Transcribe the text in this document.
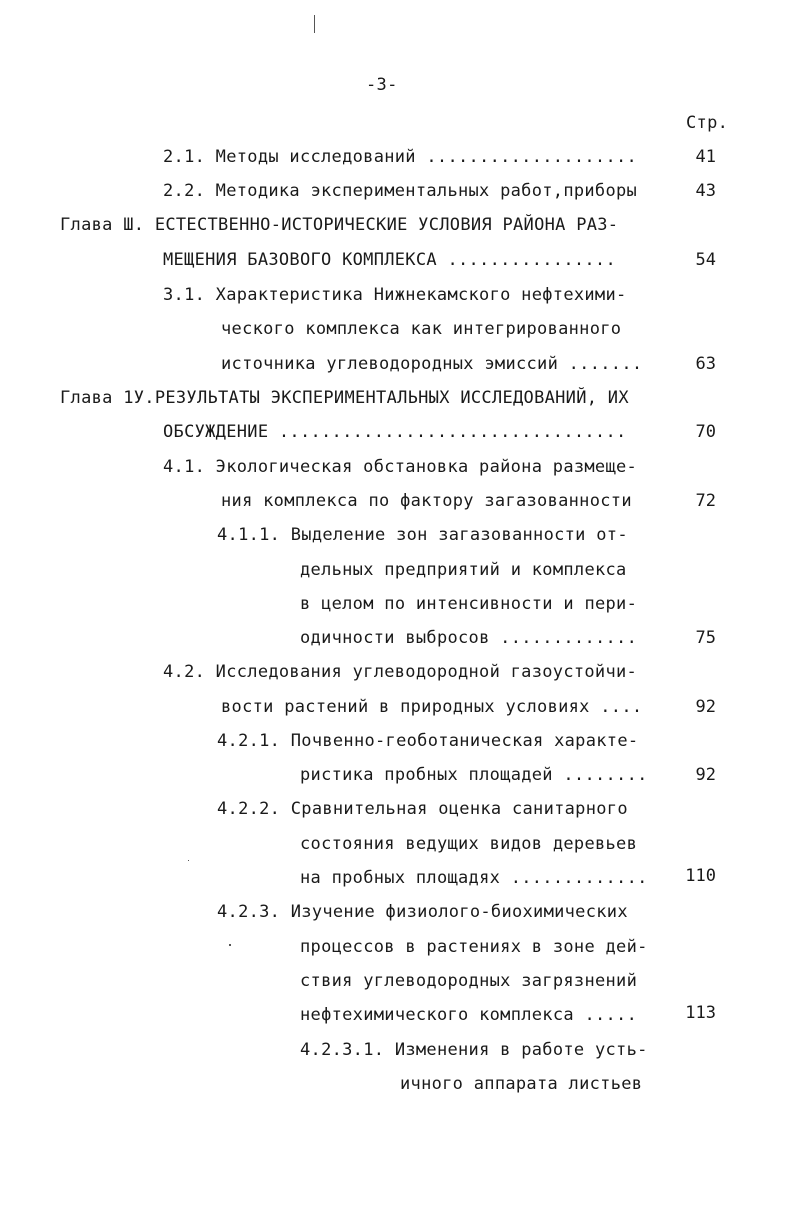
-3-
Стр.
2.1. Методы исследований ....................
2.2. Методика экспериментальных работ,приборы
Глава Ш. ЕСТЕСТВЕННО-ИСТОРИЧЕСКИЕ УСЛОВИЯ РАЙОНА РАЗ-
МЕЩЕНИЯ БАЗОВОГО КОМПЛЕКСА ................
3.1. Характеристика Нижнекамского нефтехими-
ческого комплекса как интегрированного
источника углеводородных эмиссий .......
Глава 1У.РЕЗУЛЬТАТЫ ЭКСПЕРИМЕНТАЛЬНЫХ ИССЛЕДОВАНИЙ, ИХ
ОБСУЖДЕНИЕ .................................
4.1. Экологическая обстановка района размеще-
ния комплекса по фактору загазованности
4.1.1. Выделение зон загазованности от-
дельных предприятий и комплекса
в целом по интенсивности и пери-
одичности выбросов .............
4.2. Исследования углеводородной газоустойчи-
вости растений в природных условиях ....
4.2.1. Почвенно-геоботаническая характе-
ристика пробных площадей ........
4.2.2. Сравнительная оценка санитарного
состояния ведущих видов деревьев
на пробных площадях .............
4.2.3. Изучение физиолого-биохимических
процессов в растениях в зоне дей-
ствия углеводородных загрязнений
нефтехимического комплекса .....
4.2.3.1. Изменения в работе усть-
ичного аппарата листьев
41
43
54
63
70
72
75
92
92
110
113
